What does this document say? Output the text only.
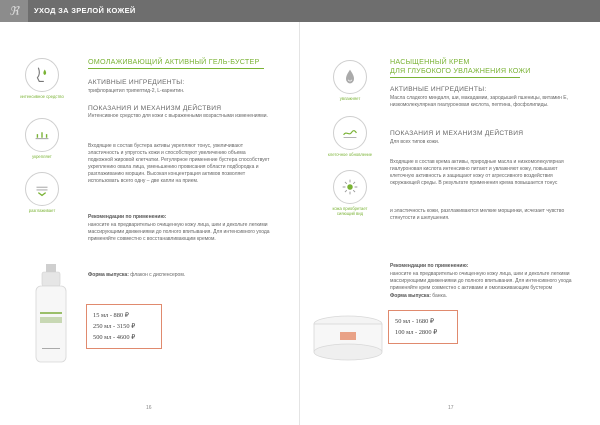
ℜ	УХОД ЗА ЗРЕЛОЙ КОЖЕЙ
интенсивное средство
укрепляет
разглаживает
ОМОЛАЖИВАЮЩИЙ АКТИВНЫЙ ГЕЛЬ-БУСТЕР
АКТИВНЫЕ ИНГРЕДИЕНТЫ:
трифлорацетил трипептид-2, L-карнитин.
ПОКАЗАНИЯ И МЕХАНИЗМ ДЕЙСТВИЯ
Интенсивное средство для кожи с выраженными возрастными изменениями.
Входящие в состав бустера активы укрепляют тонус, увеличивают эластичность и упругость кожи и способствуют увеличению объема подкожной жировой клетчатки. Регулярное применение бустера способствует укреплению овала лица, уменьшению провисания области подбородка и разглаживанию морщин. Высокая концентрация активов позволяет использовать всего одну – две капли на прием.
Рекомендации по применению:
наносите на предварительно очищенную кожу лица, шеи и декольте легкими массирующими движениями до полного впитывания. Для интенсивного ухода применяйте совместно с восстанавливающим кремом.
Форма выпуска: флакон с диспенсером.
15 мл - 880 ₽
250 мл - 3150 ₽
500 мл - 4600 ₽
16
увлажняет
клеточное обновление
кожа приобретает сияющий вид
НАСЫЩЕННЫЙ КРЕМ
ДЛЯ ГЛУБОКОГО УВЛАЖНЕНИЯ КОЖИ
АКТИВНЫЕ ИНГРЕДИЕНТЫ:
Масла сладкого миндаля, ши, макадамии, зародышей пшеницы, витамин Е, низкомолекулярная гиалуроновая кислота, пептина, фосфолипиды.
ПОКАЗАНИЯ И МЕХАНИЗМ ДЕЙСТВИЯ
Для всех типов кожи.
Входящие в состав крема активы, природные масла и низкомолекулярная гиалуроновая кислота интенсивно питают и увлажняют кожу, повышают клеточную активность и защищают кожу от агрессивного воздействия окружающей среды. В результате применения крема повышается тонус
и эластичность кожи, разглаживаются мелкие морщинки, исчезает чувство стянутости и шелушения.
Рекомендации по применению:
наносите на предварительно очищенную кожу лица, шеи и декольте легкими массирующими движениями до полного впитывания. Для интенсивного ухода применяйте крем совместно с активами и омолаживающим бустером
Форма выпуска: банка.
50 мл - 1680 ₽
100 мл - 2800 ₽
17
